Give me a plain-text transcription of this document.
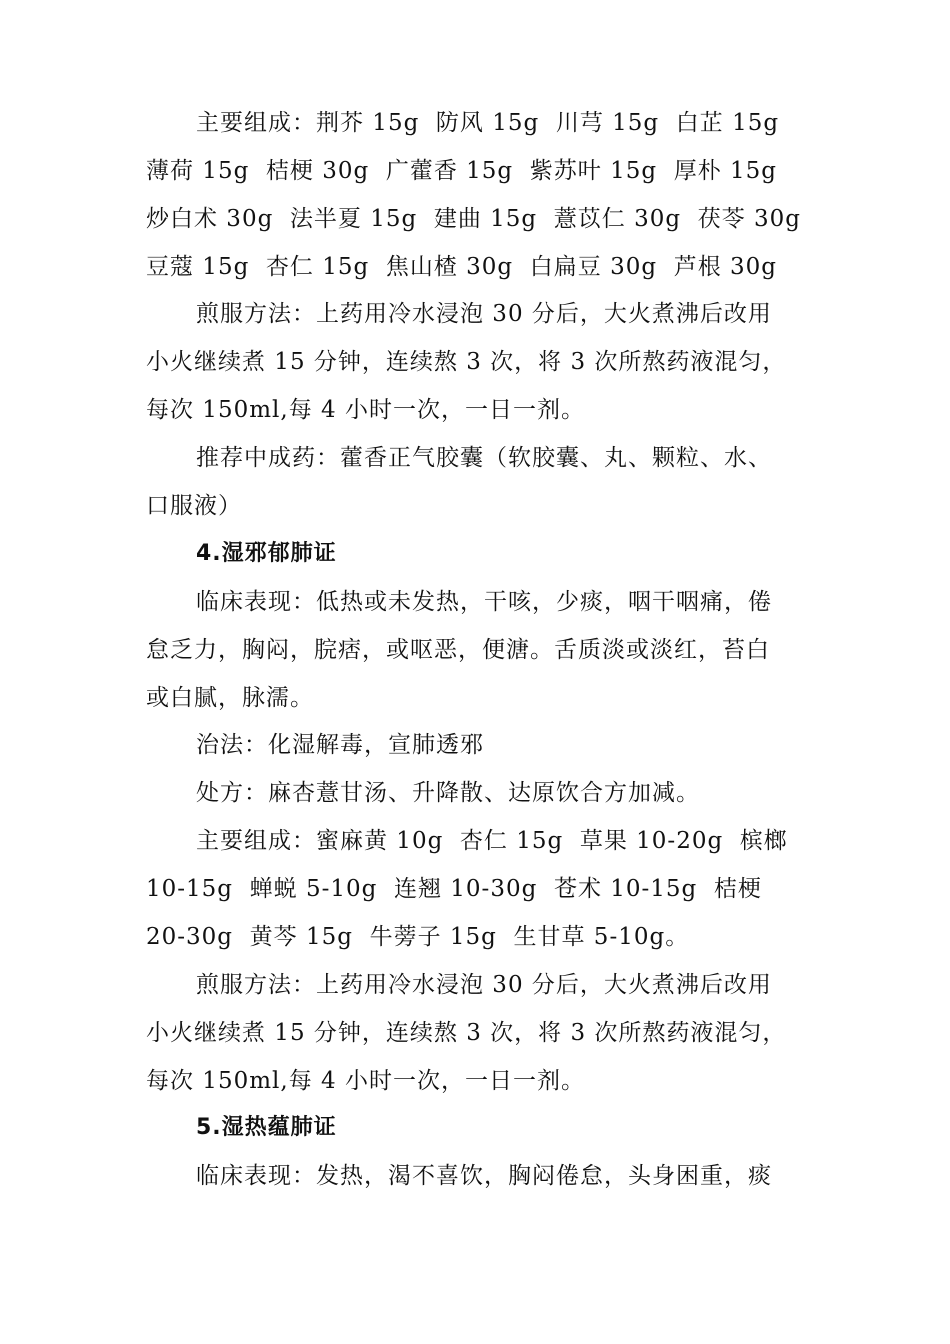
主要组成：荆芥 15g  防风 15g  川芎 15g  白芷 15g
薄荷 15g  桔梗 30g  广藿香 15g  紫苏叶 15g  厚朴 15g
炒白术 30g  法半夏 15g  建曲 15g  薏苡仁 30g  茯苓 30g
豆蔻 15g  杏仁 15g  焦山楂 30g  白扁豆 30g  芦根 30g
煎服方法：上药用冷水浸泡 30 分后，大火煮沸后改用
小火继续煮 15 分钟，连续熬 3 次，将 3 次所熬药液混匀，
每次 150ml,每 4 小时一次，一日一剂。
推荐中成药：藿香正气胶囊（软胶囊、丸、颗粒、水、
口服液）
4.湿邪郁肺证
临床表现：低热或未发热，干咳，少痰，咽干咽痛，倦
怠乏力，胸闷，脘痞，或呕恶，便溏。舌质淡或淡红，苔白
或白腻，脉濡。
治法：化湿解毒，宣肺透邪
处方：麻杏薏甘汤、升降散、达原饮合方加减。
主要组成：蜜麻黄 10g  杏仁 15g  草果 10-20g  槟榔
10-15g  蝉蜕 5-10g  连翘 10-30g  苍术 10-15g  桔梗
20-30g  黄芩 15g  牛蒡子 15g  生甘草 5-10g。
煎服方法：上药用冷水浸泡 30 分后，大火煮沸后改用
小火继续煮 15 分钟，连续熬 3 次，将 3 次所熬药液混匀，
每次 150ml,每 4 小时一次，一日一剂。
5.湿热蕴肺证
临床表现：发热，渴不喜饮，胸闷倦怠，头身困重，痰
